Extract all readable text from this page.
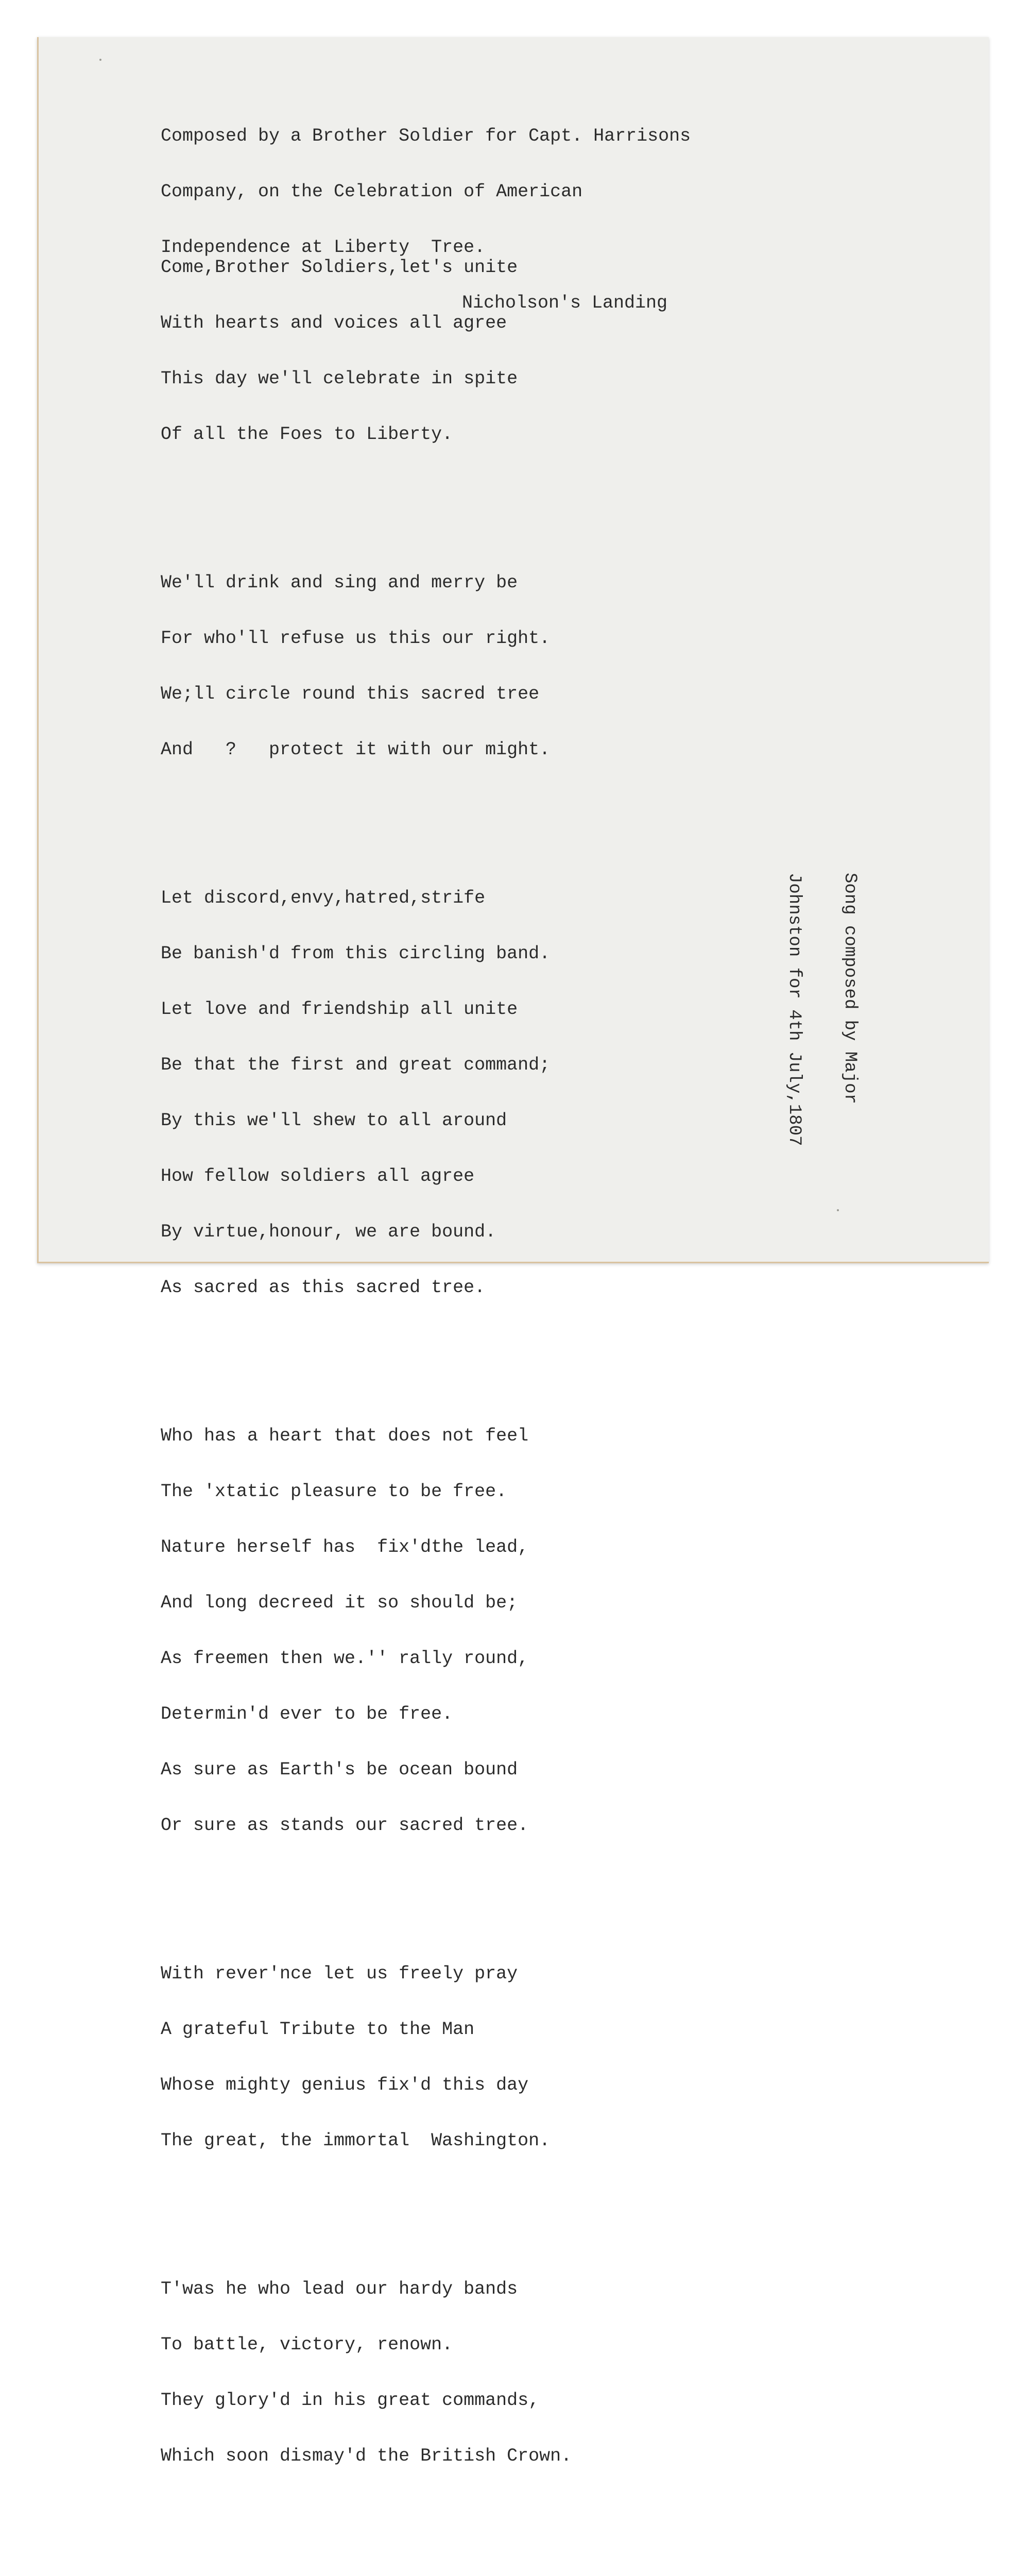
Composed by a Brother Soldier for Capt. Harrisons

Company, on the Celebration of American

Independence at Liberty  Tree.

Nicholson's Landing

Come,Brother Soldiers,let's unite

With hearts and voices all agree

This day we'll celebrate in spite

Of all the Foes to Liberty.

We'll drink and sing and merry be

For who'll refuse us this our right.

We;ll circle round this sacred tree

And   ?   protect it with our might.

Let discord,envy,hatred,strife

Be banish'd from this circling band.

Let love and friendship all unite

Be that the first and great command;

By this we'll shew to all around

How fellow soldiers all agree

By virtue,honour, we are bound.

As sacred as this sacred tree.

Who has a heart that does not feel

The 'xtatic pleasure to be free.

Nature herself has  fix'dthe lead,

And long decreed it so should be;

As freemen then we.'' rally round,

Determin'd ever to be free.

As sure as Earth's be ocean bound

Or sure as stands our sacred tree.

With rever'nce let us freely pray

A grateful Tribute to the Man

Whose mighty genius fix'd this day

The great, the immortal  Washington.

T'was he who lead our hardy bands

To battle, victory, renown.

They glory'd in his great commands,

Which soon dismay'd the British Crown.

Song composed by Major

Johnston for 4th July,1807
